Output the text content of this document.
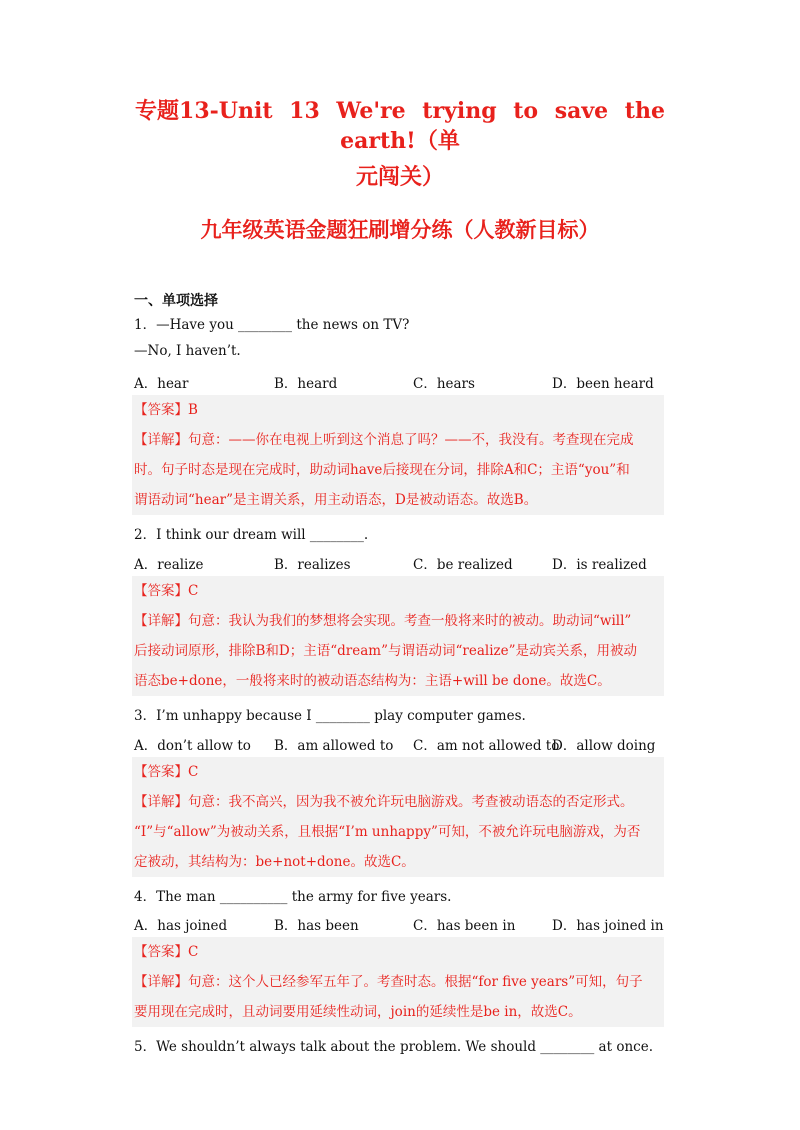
专题13-Unit 13 We're trying to save the earth!（单
元闯关）
九年级英语金题狂刷增分练（人教新目标）
一、单项选择
1．—Have you ________ the news on TV?
—No, I haven’t.
A．hear	B．heard	C．hears	D．been heard
【答案】B
【详解】句意：——你在电视上听到这个消息了吗？——不，我没有。考查现在完成
时。句子时态是现在完成时，助动词have后接现在分词，排除A和C；主语“you”和
谓语动词“hear”是主谓关系，用主动语态，D是被动语态。故选B。
2．I think our dream will ________.
A．realize	B．realizes	C．be realized	D．is realized
【答案】C
【详解】句意：我认为我们的梦想将会实现。考查一般将来时的被动。助动词“will”
后接动词原形，排除B和D；主语“dream”与谓语动词“realize”是动宾关系，用被动
语态be+done，一般将来时的被动语态结构为：主语+will be done。故选C。
3．I’m unhappy because I ________ play computer games.
A．don’t allow to B．am allowed to C．am not allowed to
D．allow doing
【答案】C
【详解】句意：我不高兴，因为我不被允许玩电脑游戏。考查被动语态的否定形式。
“I”与“allow”为被动关系，且根据“I’m unhappy”可知，不被允许玩电脑游戏，为否
定被动，其结构为：be+not+done。故选C。
4．The man __________ the army for five years.
A．has joined	B．has been	C．has been in	D．has joined in
【答案】C
【详解】句意：这个人已经参军五年了。考查时态。根据“for five years”可知，句子
要用现在完成时，且动词要用延续性动词，join的延续性是be in，故选C。
5．We shouldn’t always talk about the problem. We should ________ at once.
